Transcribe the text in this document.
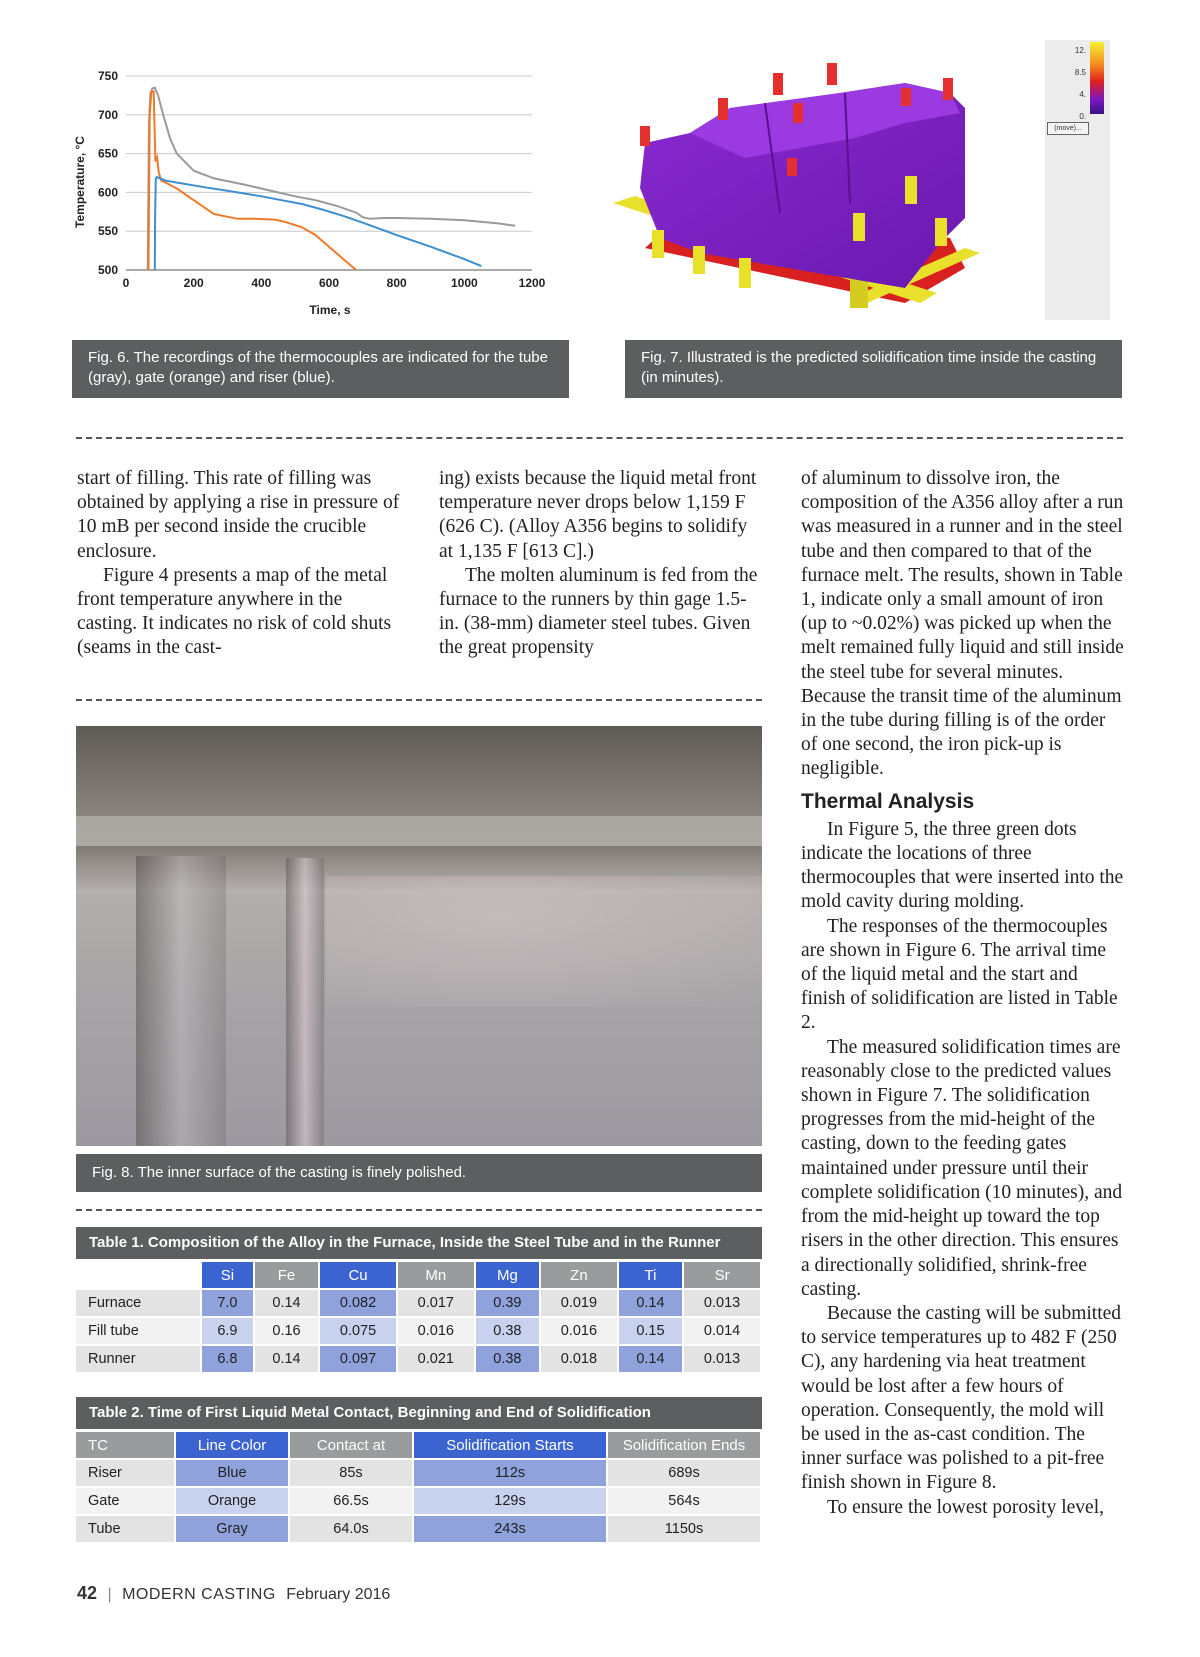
500
550
600
650
700
750
0	200	400	600	800	1000	1200
Time, s
Temperature, °C
Fig. 6. The recordings of the thermocouples are indicated for the tube (gray), gate (orange) and riser (blue).
12.
8.5
4.
0.
(move)...
Fig. 7. Illustrated is the predicted solidification time inside the casting (in minutes).

start of filling. This rate of filling was obtained by applying a rise in pressure of 10 mB per second inside the crucible enclosure.

Figure 4 presents a map of the metal front temperature anywhere in the casting. It indicates no risk of cold shuts (seams in the cast-

ing) exists because the liquid metal front temperature never drops below 1,159 F (626 C). (Alloy A356 begins to solidify at 1,135 F [613 C].)

The molten aluminum is fed from the furnace to the runners by thin gage 1.5-in. (38-mm) diameter steel tubes. Given the great propensity

Fig. 8. The inner surface of the casting is finely polished.
Table 1. Composition of the Alloy in the Furnace, Inside the Steel Tube and in the Runner
	Si	Fe	Cu	Mn	Mg	Zn	Ti	Sr
Furnace	7.0	0.14	0.082	0.017	0.39	0.019	0.14	0.013
Fill tube	6.9	0.16	0.075	0.016	0.38	0.016	0.15	0.014
Runner	6.8	0.14	0.097	0.021	0.38	0.018	0.14	0.013
Table 2. Time of First Liquid Metal Contact, Beginning and End of Solidification
TC	Line Color	Contact at	Solidification Starts	Solidification Ends
Riser	Blue	85s	112s	689s
Gate	Orange	66.5s	129s	564s
Tube	Gray	64.0s	243s	1150s

of aluminum to dissolve iron, the composition of the A356 alloy after a run was measured in a runner and in the steel tube and then compared to that of the furnace melt. The results, shown in Table 1, indicate only a small amount of iron (up to ~0.02%) was picked up when the melt remained fully liquid and still inside the steel tube for several minutes. Because the transit time of the aluminum in the tube during filling is of the order of one second, the iron pick-up is negligible.

Thermal Analysis

In Figure 5, the three green dots indicate the locations of three thermocouples that were inserted into the mold cavity during molding.

The responses of the thermocouples are shown in Figure 6. The arrival time of the liquid metal and the start and finish of solidification are listed in Table 2.

The measured solidification times are reasonably close to the predicted values shown in Figure 7. The solidification progresses from the mid-height of the casting, down to the feeding gates maintained under pressure until their complete solidification (10 minutes), and from the mid-height up toward the top risers in the other direction. This ensures a directionally solidified, shrink-free casting.

Because the casting will be submitted to service temperatures up to 482 F (250 C), any hardening via heat treatment would be lost after a few hours of operation. Consequently, the mold will be used in the as-cast condition. The inner surface was polished to a pit-free finish shown in Figure 8.

To ensure the lowest porosity level,

42 | MODERN CASTING February 2016
